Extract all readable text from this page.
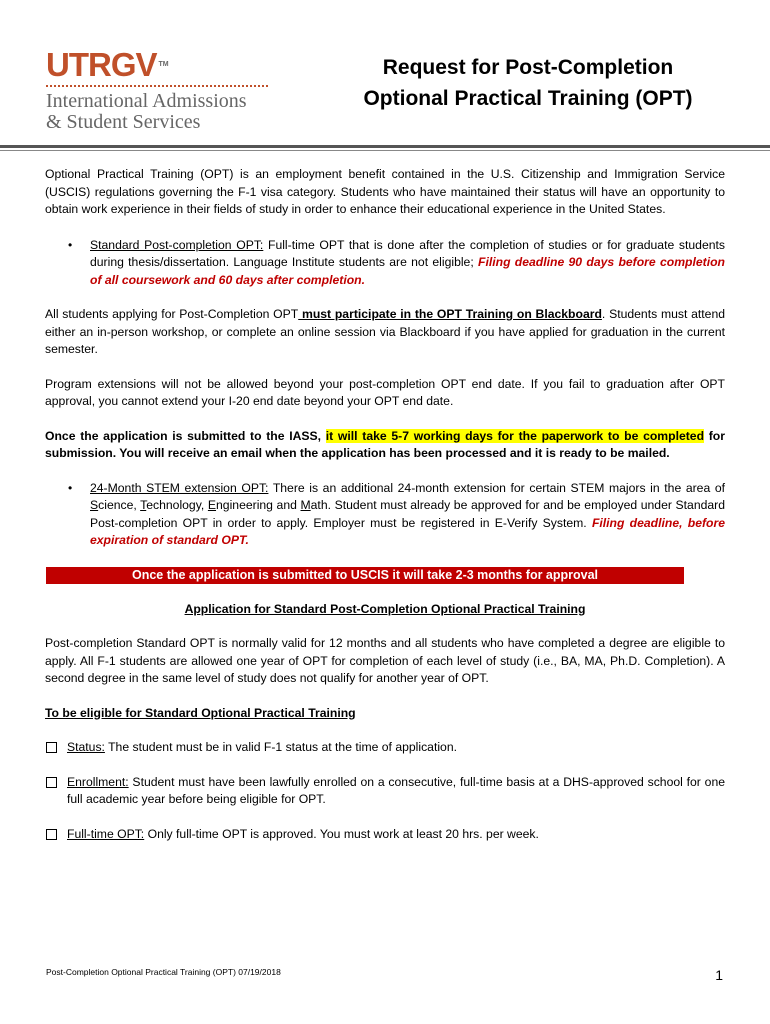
UTRGV TM
International Admissions
& Student Services
Request for Post-Completion
Optional Practical Training (OPT)

Optional Practical Training (OPT) is an employment benefit contained in the U.S. Citizenship and Immigration Service (USCIS) regulations governing the F-1 visa category. Students who have maintained their status will have an opportunity to obtain work experience in their fields of study in order to enhance their educational experience in the United States.

• Standard Post-completion OPT: Full-time OPT that is done after the completion of studies or for graduate students during thesis/dissertation. Language Institute students are not eligible; Filing deadline 90 days before completion of all coursework and 60 days after completion.

All students applying for Post-Completion OPT must participate in the OPT Training on Blackboard. Students must attend either an in-person workshop, or complete an online session via Blackboard if you have applied for graduation in the current semester.

Program extensions will not be allowed beyond your post-completion OPT end date. If you fail to graduation after OPT approval, you cannot extend your I-20 end date beyond your OPT end date.

Once the application is submitted to the IASS, it will take 5-7 working days for the paperwork to be completed for submission. You will receive an email when the application has been processed and it is ready to be mailed.

• 24-Month STEM extension OPT: There is an additional 24-month extension for certain STEM majors in the area of Science, Technology, Engineering and Math. Student must already be approved for and be employed under Standard Post-completion OPT in order to apply. Employer must be registered in E-Verify System. Filing deadline, before expiration of standard OPT.
Once the application is submitted to USCIS it will take 2-3 months for approval
Application for Standard Post-Completion Optional Practical Training

Post-completion Standard OPT is normally valid for 12 months and all students who have completed a degree are eligible to apply. All F-1 students are allowed one year of OPT for completion of each level of study (i.e., BA, MA, Ph.D. Completion). A second degree in the same level of study does not qualify for another year of OPT.

To be eligible for Standard Optional Practical Training
Status: The student must be in valid F-1 status at the time of application.
Enrollment: Student must have been lawfully enrolled on a consecutive, full-time basis at a DHS-approved school for one full academic year before being eligible for OPT.
Full-time OPT: Only full-time OPT is approved. You must work at least 20 hrs. per week.
Post-Completion Optional Practical Training (OPT) 07/19/2018	1
